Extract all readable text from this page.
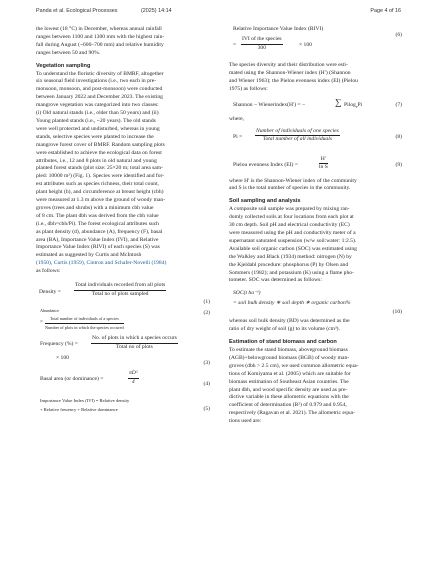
Panda et al. Ecological Processes	(2025) 14:14	Page 4 of 16

the lowest (18 °C) in December, whereas annual rainfall

ranges between 1100 and 1300 mm with the highest rain-

fall during August (~600–700 mm) and relative humidity

ranges between 50 and 90%.

Vegetation sampling

To understand the floristic diversity of BMRF, altogether

six seasonal field investigations (i.e., two each in pre-

monsoon, monsoon, and post-monsoon) were conducted

between January 2022 and December 2023. The existing

mangrove vegetation was categorized into two classes:

(i) Old natural stands (i.e., older than 50 years) and (ii)

Young planted stands (i.e., ~20 years). The old stands

were well protected and undisturbed, whereas in young

stands, selective species were planted to increase the

mangrove forest cover of BMRF. Random sampling plots

were established to achieve the ecological data on forest

attributes, i.e., 12 and 8 plots in old natural and young

planted forest stands (plot size: 25×20 m; total area sam-

pled: 10000 m²) (Fig. 1). Species were identified and for-

est attributes such as species richness, their total count,

plant height (h), and circumference at breast height (cbh)

were measured at 1.3 m above the ground of woody man-

groves (trees and shrubs) with a minimum cbh value

of 8 cm. The plant dbh was derived from the cbh value

(i.e., dbh=cbh/Pi). The forest ecological attributes such

as plant density (d), abundance (A), frequency (F), basal

area (BA), Importance Value Index (IVI), and Relative

Importance Value Index (RIVI) of each species (S) was

estimated as suggested by Curtis and McIntosh

(1950), Curtis (1959), Cintron and Schafer-Novelli (1984)

as follows:

Density =
Total individuals recorded from all plots
Total no of plots sampled
(1)
Abundance
=
Total number of individuals of a species
Number of plots in which the species occured
(2)
Frequency (%) =
No. of plots in which a species occurs
Total no of plots
× 100
(3)
Basal area (or dominance) =	$\frac{\text{πD²}}{4}$	(4)
Importance Value Index (IVI) = Relative density
+ Relative freuency + Relative dominance	(5)
Relative Importance Value Index (RIVI)
=
IVI of the species
300	× 100
(6)

The species diversity and their distribution were esti-

mated using the Shannon-Wiener index (H′) (Shannon

and Wiener 1963); the Pielou evenness index (EI) (Pielou

1975) as follows:

Shannon − Wienerindex(H′) = −	∑ Pilog$_e$Pi	(7)

where,

Pi =
Number of individuals of one species
Total number of all individuals	(8)
Pielou evenness Index (EI) =	$\frac{H'}{\text{ln S}}$	(9)

where H′ is the Shannon-Wiener index of the community

and S is the total number of species in the community.

Soil sampling and analysis

A composite soil sample was prepared by mixing ran-

domly collected soils at four locations from each plot at

30 cm depth. Soil pH and electrical conductivity (EC)

were measured using the pH and conductivity meter of a

supernatant saturated suspension (w/w soil:water: 1:2.5).

Available soil organic carbon (SOC) was estimated using

the Walkley and Black (1934) method: nitrogen (N) by

the Kjeldahl procedure: phosphorus (P) by Olsen and

Sommers (1982); and potassium (K) using a flame pho-

tometer. SOC was determined as follows:

SOC(t ha⁻¹)
= soil bulk density ∗ soil depth ∗ organic carbon%
(10)

whereas soil bulk density (BD) was determined as the

ratio of dry weight of soil (g) to its volume (cm³).

Estimation of stand biomass and carbon

To estimate the stand biomass, aboveground biomass

(AGB)+belowground biomass (BGB) of woody man-

groves (dbh > 2.5 cm), we used common allometric equa-

tions of Komiyama et al. (2005) which are suitable for

biomass estimation of Southeast Asian countries. The

plant dbh, and wood specific density are used as pre-

dictive variable in these allometric equations with the

coefficient of determination (R²) of 0.979 and 0.954,

respectively (Ragavan et al. 2021). The allometric equa-

tions used are:
